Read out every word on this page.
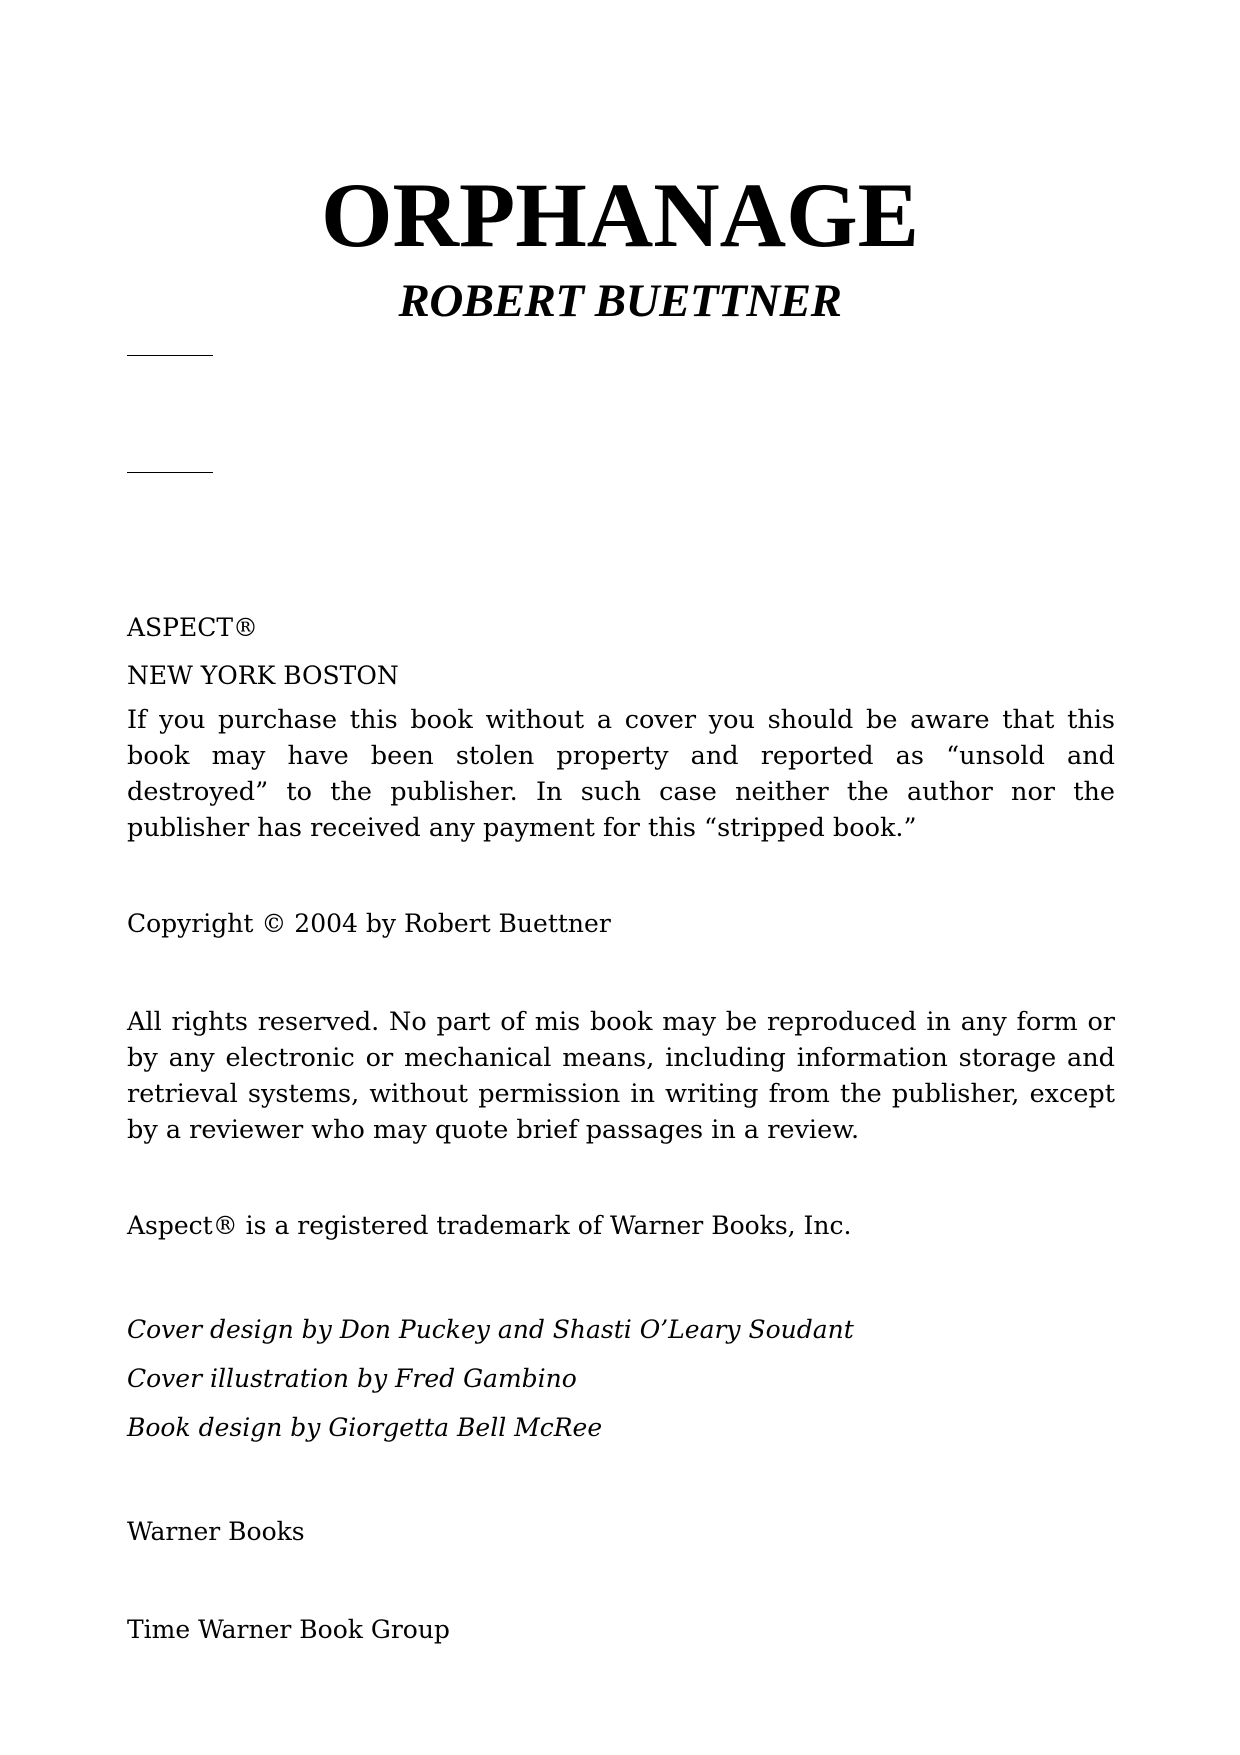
ORPHANAGE
ROBERT BUETTNER
ASPECT®
NEW YORK BOSTON
If you purchase this book without a cover you should be aware that this book may have been stolen property and reported as “unsold and destroyed” to the publisher. In such case neither the author nor the publisher has received any payment for this “stripped book.”
Copyright © 2004 by Robert Buettner
All rights reserved. No part of mis book may be reproduced in any form or by any electronic or mechanical means, including information storage and retrieval systems, without permission in writing from the publisher, except by a reviewer who may quote brief passages in a review.
Aspect® is a registered trademark of Warner Books, Inc.
Cover design by Don Puckey and Shasti O’Leary Soudant
Cover illustration by Fred Gambino
Book design by Giorgetta Bell McRee
Warner Books
Time Warner Book Group
